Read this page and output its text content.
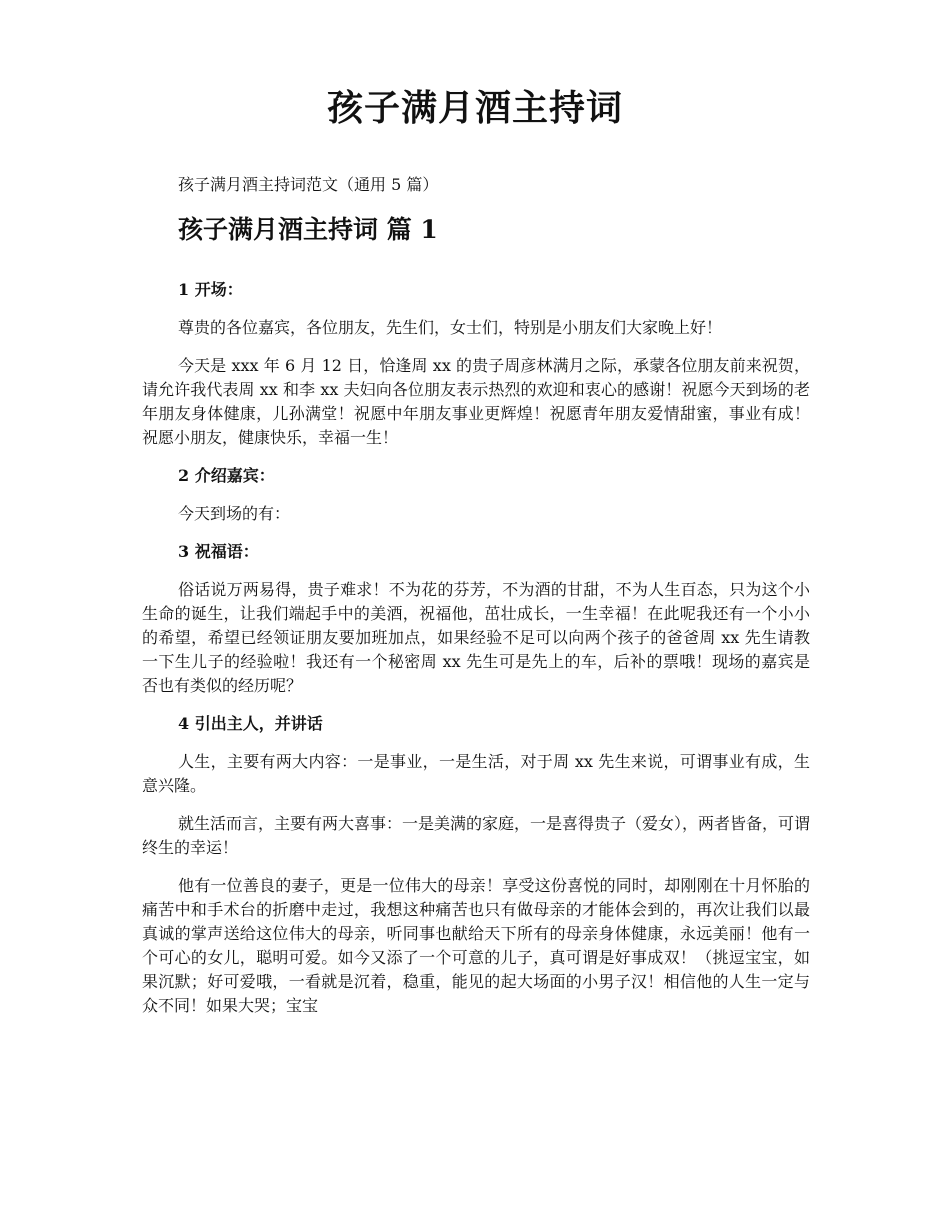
孩子满月酒主持词

孩子满月酒主持词范文（通用 5 篇）

孩子满月酒主持词 篇 1

1 开场：

尊贵的各位嘉宾，各位朋友，先生们，女士们，特别是小朋友们大家晚上好！

今天是 xxx 年 6 月 12 日，恰逢周 xx 的贵子周彦林满月之际，承蒙各位朋友前来祝贺，请允许我代表周 xx 和李 xx 夫妇向各位朋友表示热烈的欢迎和衷心的感谢！祝愿今天到场的老年朋友身体健康，儿孙满堂！祝愿中年朋友事业更辉煌！祝愿青年朋友爱情甜蜜，事业有成！祝愿小朋友，健康快乐，幸福一生！

2 介绍嘉宾：

今天到场的有：

3 祝福语：

俗话说万两易得，贵子难求！不为花的芬芳，不为酒的甘甜，不为人生百态，只为这个小生命的诞生，让我们端起手中的美酒，祝福他，茁壮成长，一生幸福！在此呢我还有一个小小的希望，希望已经领证朋友要加班加点，如果经验不足可以向两个孩子的爸爸周 xx 先生请教一下生儿子的经验啦！我还有一个秘密周 xx 先生可是先上的车，后补的票哦！现场的嘉宾是否也有类似的经历呢？

4 引出主人，并讲话

人生，主要有两大内容：一是事业，一是生活，对于周 xx 先生来说，可谓事业有成，生意兴隆。

就生活而言，主要有两大喜事：一是美满的家庭，一是喜得贵子（爱女），两者皆备，可谓终生的幸运！

他有一位善良的妻子，更是一位伟大的母亲！享受这份喜悦的同时，却刚刚在十月怀胎的痛苦中和手术台的折磨中走过，我想这种痛苦也只有做母亲的才能体会到的，再次让我们以最真诚的掌声送给这位伟大的母亲，听同事也献给天下所有的母亲身体健康，永远美丽！他有一个可心的女儿，聪明可爱。如今又添了一个可意的儿子，真可谓是好事成双！（挑逗宝宝，如果沉默；好可爱哦，一看就是沉着，稳重，能见的起大场面的小男子汉！相信他的人生一定与众不同！如果大哭；宝宝
